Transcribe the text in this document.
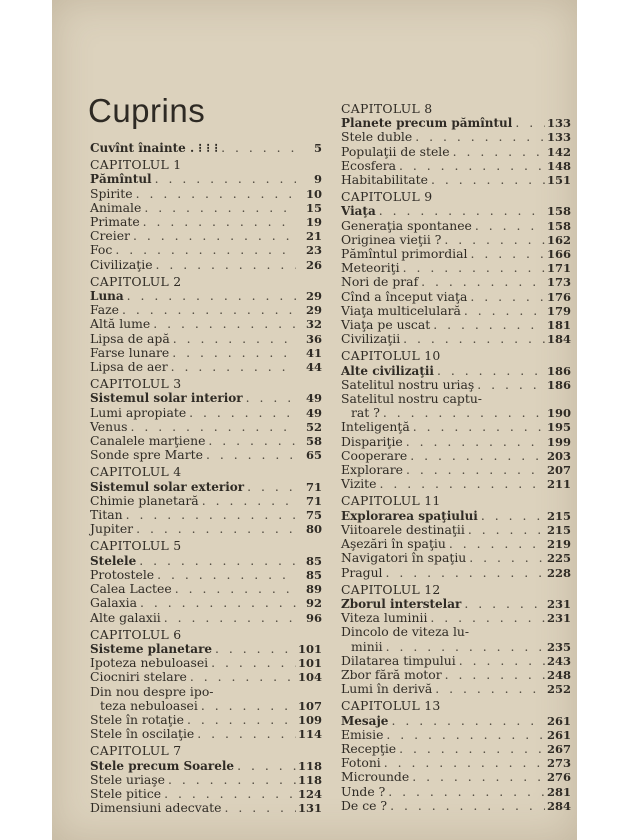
Cuprins
Cuvînt înainte . ⁝ ⁝ ⁝ . . .	5
CAPITOLUL 1
Pămîntul . . .	9
Spirite . . .	10
Animale . . .	15
Primate . . .	19
Creier . . .	21
Foc . . .	23
Civilizaţie . . .	26
CAPITOLUL 2
Luna . . .	29
Faze . . .	29
Altă lume . . .	32
Lipsa de apă . . .	36
Farse lunare . . .	41
Lipsa de aer . . .	44
CAPITOLUL 3
Sistemul solar interior . . .	49
Lumi apropiate . . .	49
Venus . . .	52
Canalele marţiene . . .	58
Sonde spre Marte . . .	65
CAPITOLUL 4
Sistemul solar exterior . . .	71
Chimie planetară . . .	71
Titan . . .	75
Jupiter . . .	80
CAPITOLUL 5
Stelele . . .	85
Protostele . . .	85
Calea Lactee . . .	89
Galaxia . . .	92
Alte galaxii . . .	96
CAPITOLUL 6
Sisteme planetare . . .	101
Ipoteza nebuloasei . . .	101
Ciocniri stelare . . .	104
Din nou despre ipo-
teza nebuloasei . . .	107
Stele în rotaţie . . .	109
Stele în oscilaţie . . .	114
CAPITOLUL 7
Stele precum Soarele . . .	118
Stele uriaşe . . .	118
Stele pitice . . .	124
Dimensiuni adecvate . . .	131
CAPITOLUL 8
Planete precum pămîntul . . .	133
Stele duble . . .	133
Populaţii de stele . . .	142
Ecosfera . . .	148
Habitabilitate . . .	151
CAPITOLUL 9
Viaţa . . .	158
Generaţia spontanee . . .	158
Originea vieţii ? . . .	162
Pămîntul primordial . . .	166
Meteoriţi . . .	171
Nori de praf . . .	173
Cînd a început viaţa . . .	176
Viaţa multicelulară . . .	179
Viaţa pe uscat . . .	181
Civilizaţii . . .	184
CAPITOLUL 10
Alte civilizaţii . . .	186
Satelitul nostru uriaş . . .	186
Satelitul nostru captu-
rat ? . . .	190
Inteligenţă . . .	195
Dispariţie . . .	199
Cooperare . . .	203
Explorare . . .	207
Vizite . . .	211
CAPITOLUL 11
Explorarea spaţiului . . .	215
Viitoarele destinaţii . . .	215
Aşezări în spaţiu . . .	219
Navigatori în spaţiu . . .	225
Pragul . . .	228
CAPITOLUL 12
Zborul interstelar . . .	231
Viteza luminii . . .	231
Dincolo de viteza lu-
minii . . .	235
Dilatarea timpului . . .	243
Zbor fără motor . . .	248
Lumi în derivă . . .	252
CAPITOLUL 13
Mesaje . . .	261
Emisie . . .	261
Recepţie . . .	267
Fotoni . . .	273
Microunde . . .	276
Unde ? . . .	281
De ce ? . . .	284
